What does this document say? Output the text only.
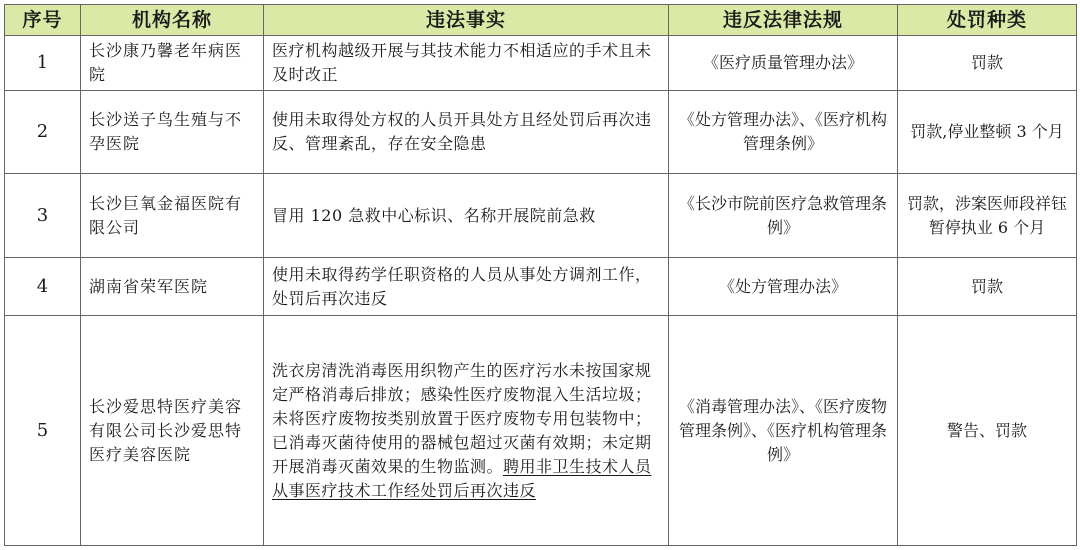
序号	机构名称	违法事实	违反法律法规	处罚种类
1	长沙康乃馨老年病医院	医疗机构越级开展与其技术能力不相适应的手术且未及时改正	《医疗质量管理办法》	罚款
2	长沙送子鸟生殖与不孕医院	使用未取得处方权的人员开具处方且经处罚后再次违反、管理紊乱，存在安全隐患	《处方管理办法》、《医疗机构管理条例》	罚款,停业整顿 3 个月
3	长沙巨氧金福医院有限公司	冒用 120 急救中心标识、名称开展院前急救	《长沙市院前医疗急救管理条例》	罚款，涉案医师段祥钰暂停执业 6 个月
4	湖南省荣军医院	使用未取得药学任职资格的人员从事处方调剂工作， 处罚后再次违反	《处方管理办法》	罚款
5	长沙爱思特医疗美容有限公司长沙爱思特医疗美容医院	洗衣房清洗消毒医用织物产生的医疗污水未按国家规定严格消毒后排放；感染性医疗废物混入生活垃圾；未将医疗废物按类别放置于医疗废物专用包装物中； 已消毒灭菌待使用的器械包超过灭菌有效期；未定期开展消毒灭菌效果的生物监测。聘用非卫生技术人员从事医疗技术工作经处罚后再次违反	《消毒管理办法》、《医疗废物管理条例》、《医疗机构管理条例》	警告、罚款
